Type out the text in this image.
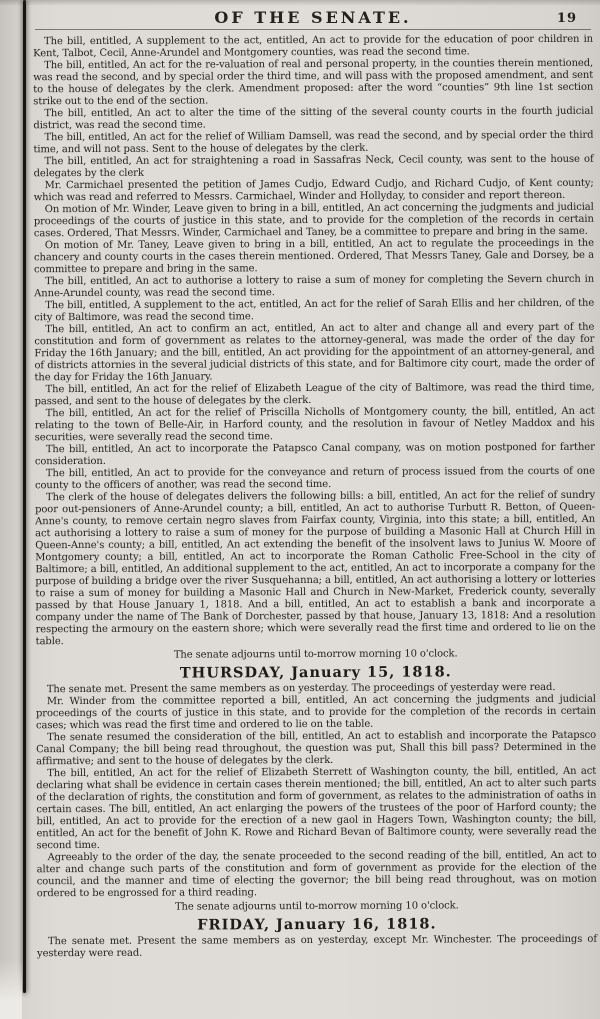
OF THE SENATE.	19

The bill, entitled, A supplement to the act, entitled, An act to provide for the education of poor children in Kent, Talbot, Cecil, Anne-Arundel and Montgomery counties, was read the second time.

The bill, entitled, An act for the re-valuation of real and personal property, in the counties therein mentioned, was read the second, and by special order the third time, and will pass with the proposed amendment, and sent to the house of delegates by the clerk. Amendment proposed: after the word “counties” 9th line 1st section strike out to the end of the section.

The bill, entitled, An act to alter the time of the sitting of the several county courts in the fourth judicial district, was read the second time.

The bill, entitled, An act for the relief of William Damsell, was read the second, and by special order the third time, and will not pass. Sent to the house of delegates by the clerk.

The bill, entitled, An act for straightening a road in Sassafras Neck, Cecil county, was sent to the house of delegates by the clerk

Mr. Carmichael presented the petition of James Cudjo, Edward Cudjo, and Richard Cudjo, of Kent county; which was read and referred to Messrs. Carmichael, Winder and Hollyday, to consider and report thereon.

On motion of Mr. Winder, Leave given to bring in a bill, entitled, An act concerning the judgments and judicial proceedings of the courts of justice in this state, and to provide for the completion of the records in certain cases. Ordered, That Messrs. Winder, Carmichael and Taney, be a committee to prepare and bring in the same.

On motion of Mr. Taney, Leave given to bring in a bill, entitled, An act to regulate the proceedings in the chancery and county courts in the cases therein mentioned. Ordered, That Messrs Taney, Gale and Dorsey, be a committee to prepare and bring in the same.

The bill, entitled, An act to authorise a lottery to raise a sum of money for completing the Severn church in Anne-Arundel county, was read the second time.

The bill, entitled, A supplement to the act, entitled, An act for the relief of Sarah Ellis and her children, of the city of Baltimore, was read the second time.

The bill, entitled, An act to confirm an act, entitled, An act to alter and change all and every part of the constitution and form of government as relates to the attorney-general, was made the order of the day for Friday the 16th January; and the bill, entitled, An act providing for the appointment of an attorney-general, and of districts attornies in the several judicial districts of this state, and for Baltimore city court, made the order of the day for Friday the 16th January.

The bill, entitled, An act for the relief of Elizabeth League of the city of Baltimore, was read the third time, passed, and sent to the house of delegates by the clerk.

The bill, entitled, An act for the relief of Priscilla Nicholls of Montgomery county, the bill, entitled, An act relating to the town of Belle-Air, in Harford county, and the resolution in favour of Netley Maddox and his securities, were severally read the second time.

The bill, entitled, An act to incorporate the Patapsco Canal company, was on motion postponed for farther consideration.

The bill, entitled, An act to provide for the conveyance and return of process issued from the courts of one county to the officers of another, was read the second time.

The clerk of the house of delegates delivers the following bills: a bill, entitled, An act for the relief of sundry poor out-pensioners of Anne-Arundel county; a bill, entitled, An act to authorise Turbutt R. Betton, of Queen-Anne's county, to remove certain negro slaves from Fairfax county, Virginia, into this state; a bill, entitled, An act authorising a lottery to raise a sum of money for the purpose of building a Masonic Hall at Church Hill in Queen-Anne's county; a bill, entitled, An act extending the benefit of the insolvent laws to Junius W. Moore of Montgomery county; a bill, entitled, An act to incorporate the Roman Catholic Free-School in the city of Baltimore; a bill, entitled, An additional supplement to the act, entitled, An act to incorporate a company for the purpose of building a bridge over the river Susquehanna; a bill, entitled, An act authorising a lottery or lotteries to raise a sum of money for building a Masonic Hall and Church in New-Market, Frederick county, severally passed by that House January 1, 1818. And a bill, entitled, An act to establish a bank and incorporate a company under the name of The Bank of Dorchester, passed by that house, January 13, 1818: And a resolution respecting the armoury on the eastern shore; which were severally read the first time and ordered to lie on the table.

The senate adjourns until to-morrow morning 10 o'clock.

THURSDAY, January 15, 1818.

The senate met. Present the same members as on yesterday. The proceedings of yesterday were read.

Mr. Winder from the committee reported a bill, entitled, An act concerning the judgments and judicial proceedings of the courts of justice in this state, and to provide for the completion of the records in certain cases; which was read the first time and ordered to lie on the table.

The senate resumed the consideration of the bill, entitled, An act to establish and incorporate the Patapsco Canal Company; the bill being read throughout, the question was put, Shall this bill pass? Determined in the affirmative; and sent to the house of delegates by the clerk.

The bill, entitled, An act for the relief of Elizabeth Sterrett of Washington county, the bill, entitled, An act declaring what shall be evidence in certain cases therein mentioned; the bill, entitled, An act to alter such parts of the declaration of rights, the constitution and form of government, as relates to the administration of oaths in certain cases. The bill, entitled, An act enlarging the powers of the trustees of the poor of Harford county; the bill, entitled, An act to provide for the erection of a new gaol in Hagers Town, Washington county; the bill, entitled, An act for the benefit of John K. Rowe and Richard Bevan of Baltimore county, were severally read the second time.

Agreeably to the order of the day, the senate proceeded to the second reading of the bill, entitled, An act to alter and change such parts of the constitution and form of government as provide for the election of the council, and the manner and time of electing the governor; the bill being read throughout, was on motion ordered to be engrossed for a third reading.

The senate adjourns until to-morrow morning 10 o'clock.

FRIDAY, January 16, 1818.

The senate met. Present the same members as on yesterday, except Mr. Winchester. The proceedings of yesterday were read.
